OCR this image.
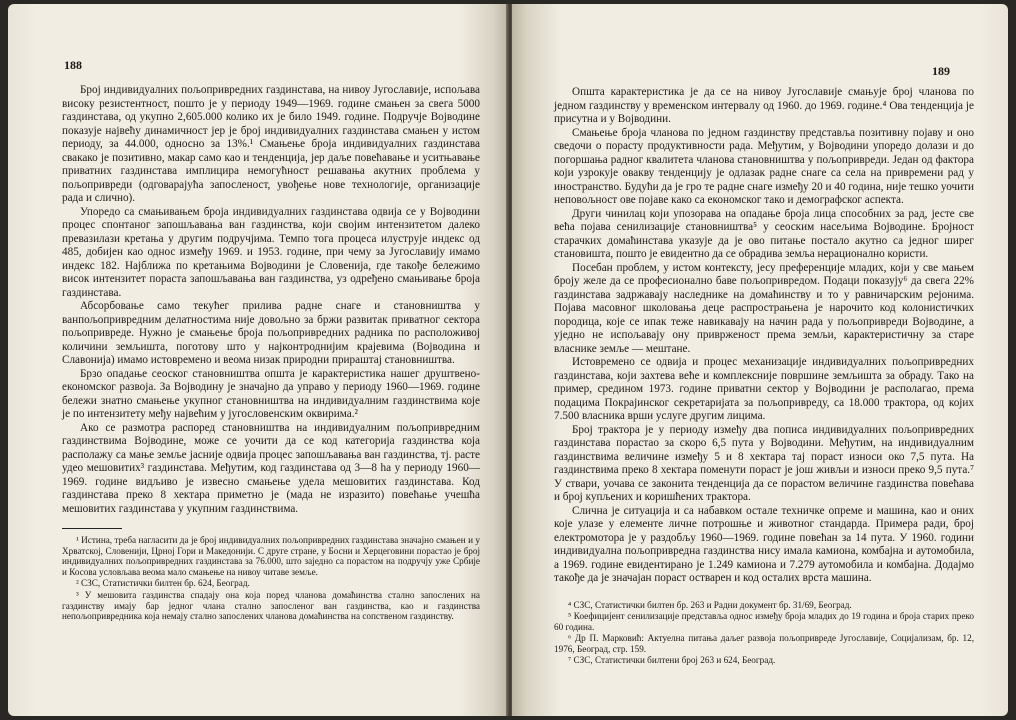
188

Број индивидуалних пољопривредних газдинстава, на нивоу Југославије, испољава високу резистентност, пошто је у периоду 1949—1969. године смањен за свега 5000 газдинстава, од укупно 2,605.000 колико их је било 1949. године. Подручје Војводине показује највећу динамичност јер је број индивидуалних газдинстава смањен у истом периоду, за 44.000, односно за 13%.¹ Смањење броја индивидуалних газдинстава свакако је позитивно, макар само као и тенденција, јер даље повећавање и уситњавање приватних газдинстава имплицира немогућност решавања акутних проблема у пољопривреди (одговарајућа запосленост, увођење нове технологије, организације рада и слично).

Упоредо са смањивањем броја индивидуалних газдинстава одвија се у Војводини процес спонтаног запошљавања ван газдинства, који својим интензитетом далеко превазилази кретања у другим подручјима. Темпо тога процеса илуструје индекс од 485, добијен као однос између 1969. и 1953. године, при чему за Југославију имамо индекс 182. Најближа по кретањима Војводини је Словенија, где такође бележимо висок интензитет пораста запошљавања ван газдинства, уз одређено смањивање броја газдинстава.

Абсорбовање само текућег прилива радне снаге и становништва у ванпољопривредним делатностима није довољно за бржи развитак приватног сектора пољопривреде. Нужно је смањење броја пољопривредних радника по расположивој количини земљишта, поготову што у најконтроднијим крајевима (Војводина и Славонија) имамо истовремено и веома низак природни прираштај становништва.

Брзо опадање сеоског становништва општа је карактеристика нашег друштвено-економског развоја. За Војводину је значајно да управо у периоду 1960—1969. године бележи знатно смањење укупног становништва на индивидуалним газдинствима које је по интензитету међу највећим у југословенским оквирима.²

Ако се размотра распоред становништва на индивидуалним пољопривредним газдинствима Војводине, може се уочити да се код категорија газдинства која располажу са мање земље јасније одвија процес запошљавања ван газдинства, тј. расте удео мешовитих³ газдинстава. Међутим, код газдинстава од 3—8 ha у периоду 1960—1969. године видљиво је извесно смањење удела мешовитих газдинстава. Код газдинстава преко 8 хектара приметно је (мада не изразито) повећање учешћа мешовитих газдинстава у укупним газдинствима.

¹ Истина, треба нагласити да је број индивидуалних пољопривредних газдинстава значајно смањен и у Хрватској, Словенији, Црној Гори и Македонији. С друге стране, у Босни и Херцеговини порастао је број индивидуалних пољопривредних газдинстава за 76.000, што заједно са порастом на подручју уже Србије и Косова условљава веома мало смањење на нивоу читаве земље.

² СЗС, Статистички билтен бр. 624, Београд.

³ У мешовита газдинства спадају она која поред чланова домаћинства стално запослених на газдинству имају бар једног члана стално запосленог ван газдинства, као и газдинства непољопривредника која немају стално запослених чланова домаћинства на сопственом газдинству.

189

Општа карактеристика је да се на нивоу Југославије смањује број чланова по једном газдинству у временском интервалу од 1960. до 1969. године.⁴ Ова тенденција је присутна и у Војводини.

Смањење броја чланова по једном газдинству представља позитивну појаву и оно сведочи о порасту продуктивности рада. Међутим, у Војводини упоредо долази и до погоршања радног квалитета чланова становништва у пољопривреди. Један од фактора који узрокује овакву тенденцију је одлазак радне снаге са села на привремени рад у иностранство. Будући да је гро те радне снаге између 20 и 40 година, није тешко уочити неповољност ове појаве како са економског тако и демографског аспекта.

Други чинилац који упозорава на опадање броја лица способних за рад, јесте све већа појава сенилизације становништва⁵ у сеоским насељима Војводине. Бројност старачких домаћинстава указује да је ово питање постало акутно са једног ширег становишта, пошто је евидентно да се обрадива земља нерационално користи.

Посебан проблем, у истом контексту, јесу преференције младих, који у све мањем броју желе да се професионално баве пољопривредом. Подаци показују⁶ да свега 22% газдинстава задржавају наследнике на домаћинству и то у равничарским рејонима. Појава масовног школовања деце распрострањена је нарочито код колонистичких породица, које се ипак теже навикавају на начин рада у пољопривреди Војводине, а уједно не испољавају ону привржeност према земљи, карактеристичну за старе власнике земље — мештане.

Истовремено се одвија и процес механизације индивидуалних пољопривредних газдинстава, који захтева веће и комплексније површине земљишта за обраду. Тако на пример, средином 1973. године приватни сектор у Војводини је располагао, према подацима Покрајинског секретаријата за пољопривреду, са 18.000 трактора, од којих 7.500 власника врши услуге другим лицима.

Број трактора је у периоду између два пописа индивидуалних пољопривредних газдинстава порастао за скоро 6,5 пута у Војводини. Међутим, на индивидуалним газдинствима величине између 5 и 8 хектара тај пораст износи око 7,5 пута. На газдинствима преко 8 хектара поменути пораст је још живљи и износи преко 9,5 пута.⁷ У ствари, уочава се законита тенденција да се порастом величине газдинства повећава и број купљених и коришћених трактора.

Слична је ситуација и са набавком остале техничке опреме и машина, као и оних које улазе у елементе личне потрошње и животног стандарда. Примера ради, број електромотора је у раздобљу 1960—1969. године повећан за 14 пута. У 1960. години индивидуална пољопривредна газдинства нису имала камиона, комбајна и аутомобила, а 1969. године евидентирано је 1.249 камиона и 7.279 аутомобила и комбајна. Додајмо такође да је значајан пораст остварен и код осталих врста машина.

⁴ СЗС, Статистички билтен бр. 263 и Радни документ бр. 31/69, Београд.

⁵ Коефицијент сенилизације представља однос између броја младих до 19 година и броја старих преко 60 година.

⁶ Др П. Марковић: Актуелна питања даљег развоја пољопривреде Југославије, Социјализам, бр. 12, 1976, Београд, стр. 159.

⁷ СЗС, Статистички билтени број 263 и 624, Београд.
